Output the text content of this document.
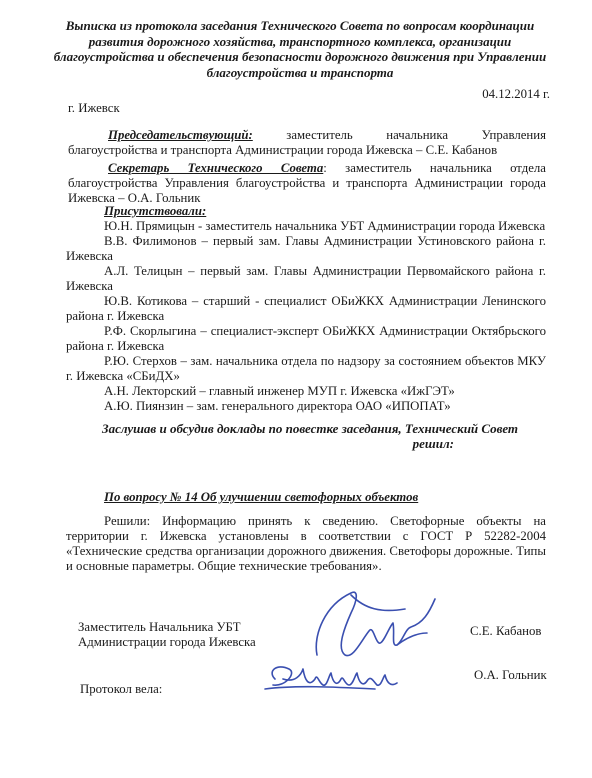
Выписка из протокола заседания Технического Совета по вопросам координации развития дорожного хозяйства, транспортного комплекса, организации благоустройства и обеспечения безопасности дорожного движения при Управлении благоустройства и транспорта
04.12.2014 г.
г. Ижевск
Председательствующий: заместитель начальника Управления благоустройства и транспорта Администрации города Ижевска – С.Е. Кабанов
Секретарь Технического Совета: заместитель начальника отдела благоустройства Управления благоустройства и транспорта Администрации города Ижевска – О.А. Гольник
Присутствовали:
Ю.Н. Прямицын - заместитель начальника УБТ Администрации города Ижевска
В.В. Филимонов – первый зам. Главы Администрации Устиновского района г. Ижевска
А.Л. Телицын – первый зам. Главы Администрации Первомайского района г. Ижевска
Ю.В. Котикова – старший - специалист ОБиЖКХ Администрации Ленинского района г. Ижевска
Р.Ф. Скорлыгина – специалист-эксперт ОБиЖКХ Администрации Октябрьского района г. Ижевска
Р.Ю. Стерхов – зам. начальника отдела по надзору за состоянием объектов МКУ г. Ижевска «СБиДХ»
А.Н. Лекторский – главный инженер МУП г. Ижевска «ИжГЭТ»
А.Ю. Пиянзин – зам. генерального директора ОАО «ИПОПАТ»
Заслушав и обсудив доклады по повестке заседания, Технический Совет
решил:
По вопросу № 14 Об улучшении светофорных объектов
Решили: Информацию принять к сведению. Светофорные объекты на территории г. Ижевска установлены в соответствии с ГОСТ Р 52282-2004 «Технические средства организации дорожного движения. Светофоры дорожные. Типы и основные параметры. Общие технические требования».
Заместитель Начальника УБТ
Администрации города Ижевска
С.Е. Кабанов
Протокол вела:
О.А. Гольник
